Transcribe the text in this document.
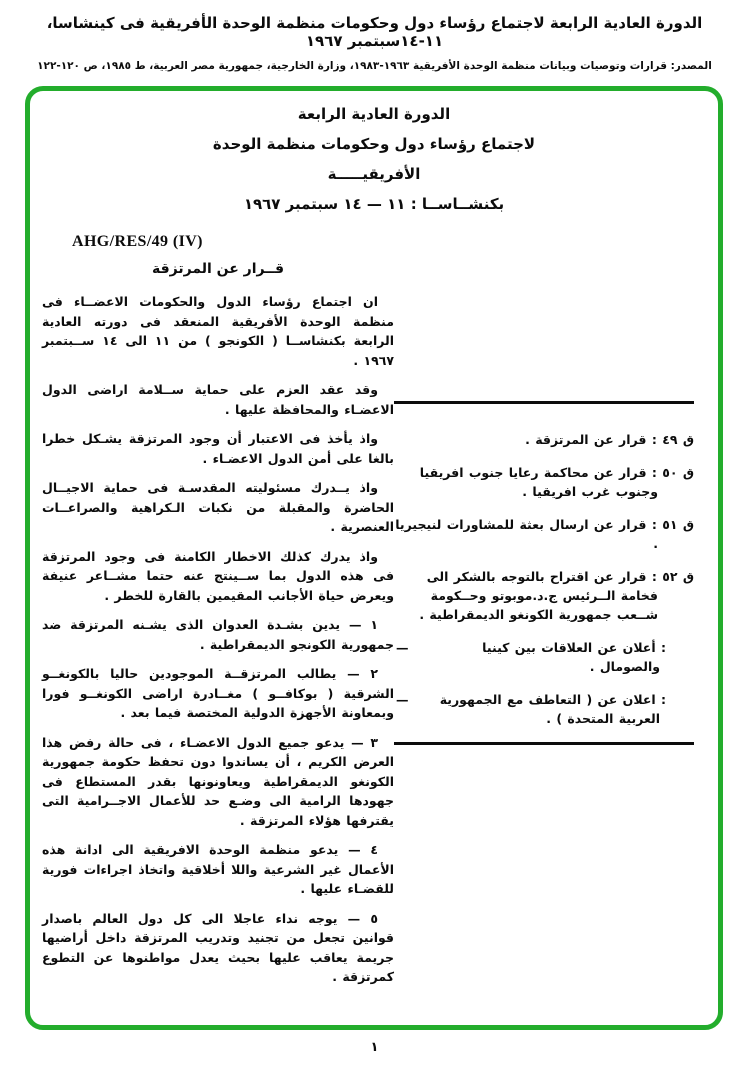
الدورة العادية الرابعة لاجتماع رؤساء دول وحكومات منظمة الوحدة الأفريقية فى كينشاسا، ١١-١٤سبتمبر ١٩٦٧
المصدر: قرارات وتوصيات وبيانات منظمة الوحدة الأفريقية ١٩٦٣-١٩٨٣، وزارة الخارجية، جمهورية مصر العربية، ط ١٩٨٥، ص ١٢٠-١٢٢
الدورة العادية الرابعة
لاجتماع رؤساء دول وحكومات منظمة الوحدة
الأفريقيـــــة
بكنشــاســا : ١١ — ١٤ سبتمبر ١٩٦٧
AHG/RES/49 (IV)
قــرار عن المرتزقة

ان اجتماع رؤساء الدول والحكومات الاعضــاء فى منظمة الوحدة الأفريقية المنعقد فى دورته العادية الرابعة بكنشاســا ( الكونجو ) من ١١ الى ١٤ ســبتمبر ١٩٦٧ .

وقد عقد العزم على حماية ســلامة اراضى الدول الاعضـاء والمحافظة عليها .

واذ يأخذ فى الاعتبار أن وجود المرتزقة يشـكل خطرا بالغا على أمن الدول الاعضـاء .

واذ يــدرك مسئوليته المقدسـة فى حماية الاجيــال الحاضرة والمقبلة من نكبات الـكراهية والصراعــات العنصرية .

واذ يدرك كذلك الاخطار الكامنة فى وجود المرتزقة فى هذه الدول بما ســينتج عنه حتما مشــاعر عنيفة ويعرض حياة الأجانب المقيمين بالقارة للخطر .

١ — يدين بشـدة العدوان الذى يشـنه المرتزقة ضد جمهورية الكونجو الديمقراطية .

٢ — يطالب المرتزقــة الموجودين حاليا بالكونغــو الشرقية ( بوكافــو ) مغــادرة اراضى الكونغــو فورا وبمعاونة الأجهزة الدولية المختصة فيما بعد .

٣ — يدعو جميع الدول الاعضـاء ، فى حالة رفض هذا العرض الكريم ، أن يساندوا دون تحفظ حكومة جمهورية الكونغو الديمقراطية ويعاونونها بقدر المستطاع فى جهودها الرامية الى وضـع حد للأعمال الاجــرامية التى يقترفها هؤلاء المرتزقة .

٤ — يدعو منظمة الوحدة الافريقية الى ادانة هذه الأعمال غير الشرعية واللا أخلاقية واتخاذ اجراءات فورية للقضـاء عليها .

٥ — يوجه نداء عاجلا الى كل دول العالم باصدار قوانين تجعل من تجنيد وتدريب المرتزقة داخل أراضيها جريمة يعاقب عليها بحيث يعدل مواطنوها عن التطوع كمرتزقة .

ق ٤٩ : قرار عن المرتزقة .
ق ٥٠ : قرار عن محاكمة رعايا جنوب افريقيا وجنوب غرب افريقيا .
ق ٥١ : قرار عن ارسال بعثة للمشاورات لنيجيريا .
ق ٥٢ : قرار عن اقتراح بالتوجه بالشكر الى فخامة الــرئيس ج.د.موبوتو وحــكومة شــعب جمهورية الكونغو الديمقراطية .
—	: أعلان عن العلاقات بين كينيا والصومال .
—	: اعلان عن ( التعاطف مع الجمهورية العربية المتحدة ) .
١
